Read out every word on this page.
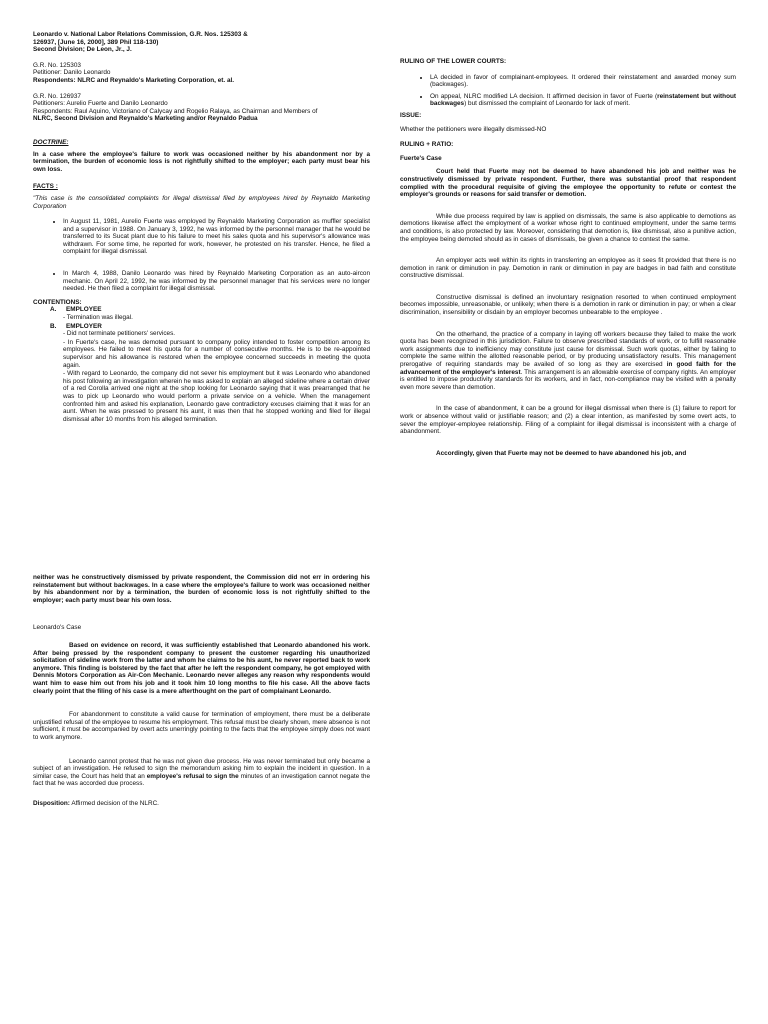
Leonardo v. National Labor Relations Commission, G.R. Nos. 125303 &
126937, [June 16, 2000], 389 Phil 118-130)
Second Division; De Leon, Jr., J.
G.R. No. 125303
Petitioner: Danilo Leonardo
Respondents: NLRC and Reynaldo's Marketing Corporation, et. al.
G.R. No. 126937
Petitioners: Aurelio Fuerte and Danilo Leonardo
Respondents: Raul Aquino, Victoriano of Calycay and Rogelio Ralaya, as Chairman and Members of
NLRC, Second Division and Reynaldo's Marketing and/or Reynaldo Padua
DOCTRINE:

In a case where the employee's failure to work was occasioned neither by his abandonment nor by a termination, the burden of economic loss is not rightfully shifted to the employer; each party must bear his own loss.

FACTS :

"This case is the consolidated complaints for illegal dismissal filed by employees hired by Reynaldo Marketing Corporation

• In August 11, 1981, Aurelio Fuerte was employed by Reynaldo Marketing Corporation as muffler specialist and a supervisor in 1988. On January 3, 1992, he was informed by the personnel manager that he would be transferred to its Sucat plant due to his failure to meet his sales quota and his supervisor's allowance was withdrawn. For some time, he reported for work, however, he protested on his transfer. Hence, he filed a complaint for illegal dismissal.
• In March 4, 1988, Danilo Leonardo was hired by Reynaldo Marketing Corporation as an auto-aircon mechanic. On April 22, 1992, he was informed by the personnel manager that his services were no longer needed. He then filed a complaint for illegal dismissal.
CONTENTIONS:
A. EMPLOYEE
- Termination was illegal.
B. EMPLOYER
- Did not terminate petitioners' services.
- In Fuerte's case, he was demoted pursuant to company policy intended to foster competition among its employees. He failed to meet his quota for a number of consecutive months. He is to be re-appointed supervisor and his allowance is restored when the employee concerned succeeds in meeting the quota again.
- With regard to Leonardo, the company did not sever his employment but it was Leonardo who abandoned his post following an investigation wherein he was asked to explain an alleged sideline where a certain driver of a red Corolla arrived one night at the shop looking for Leonardo saying that it was prearranged that he was to pick up Leonardo who would perform a private service on a vehicle. When the management confronted him and asked his explanation, Leonardo gave contradictory excuses claiming that it was for an aunt. When he was pressed to present his aunt, it was then that he stopped working and filed for illegal dismissal after 10 months from his alleged termination.
RULING OF THE LOWER COURTS:
• LA decided in favor of complainant-employees. It ordered their reinstatement and awarded money sum (backwages).
• On appeal, NLRC modified LA decision. It affirmed decision in favor of Fuerte (reinstatement but without backwages) but dismissed the complaint of Leonardo for lack of merit.
ISSUE:

Whether the petitioners were illegally dismissed-NO

RULING + RATIO:
Fuerte's Case

Court held that Fuerte may not be deemed to have abandoned his job and neither was he constructively dismissed by private respondent. Further, there was substantial proof that respondent complied with the procedural requisite of giving the employee the opportunity to refute or contest the employer's grounds or reasons for said transfer or demotion.

While due process required by law is applied on dismissals, the same is also applicable to demotions as demotions likewise affect the employment of a worker whose right to continued employment, under the same terms and conditions, is also protected by law. Moreover, considering that demotion is, like dismissal, also a punitive action, the employee being demoted should as in cases of dismissals, be given a chance to contest the same.

An employer acts well within its rights in transferring an employee as it sees fit provided that there is no demotion in rank or diminution in pay. Demotion in rank or diminution in pay are badges in bad faith and constitute constructive dismissal.

Constructive dismissal is defined an involuntary resignation resorted to when continued employment becomes impossible, unreasonable, or unlikely; when there is a demotion in rank or diminution in pay; or when a clear discrimination, insensibility or disdain by an employer becomes unbearable to the employee .

On the otherhand, the practice of a company in laying off workers because they failed to make the work quota has been recognized in this jurisdiction. Failure to observe prescribed standards of work, or to fulfill reasonable work assignments due to inefficiency may constitute just cause for dismissal. Such work quotas, either by failing to complete the same within the allotted reasonable period, or by producing unsatisfactory results. This management prerogative of requiring standards may be availed of so long as they are exercised in good faith for the advancement of the employer's interest. This arrangement is an allowable exercise of company rights. An employer is entitled to impose productivity standards for its workers, and in fact, non-compliance may be visited with a penalty even more severe than demotion.

In the case of abandonment, it can be a ground for illegal dismissal when there is (1) failure to report for work or absence without valid or justifiable reason; and (2) a clear intention, as manifested by some overt acts, to sever the employer-employee relationship. Filing of a complaint for illegal dismissal is inconsistent with a charge of abandonment.

Accordingly, given that Fuerte may not be deemed to have abandoned his job, and

neither was he constructively dismissed by private respondent, the Commission did not err in ordering his reinstatement but without backwages. In a case where the employee's failure to work was occasioned neither by his abandonment nor by a termination, the burden of economic loss is not rightfully shifted to the employer; each party must bear his own loss.

Leonardo's Case

Based on evidence on record, it was sufficiently established that Leonardo abandoned his work. After being pressed by the respondent company to present the customer regarding his unauthorized solicitation of sideline work from the latter and whom he claims to be his aunt, he never reported back to work anymore. This finding is bolstered by the fact that after he left the respondent company, he got employed with Dennis Motors Corporation as Air-Con Mechanic. Leonardo never alleges any reason why respondents would want him to ease him out from his job and it took him 10 long months to file his case. All the above facts clearly point that the filing of his case is a mere afterthought on the part of complainant Leonardo.

For abandonment to constitute a valid cause for termination of employment, there must be a deliberate unjustified refusal of the employee to resume his employment. This refusal must be clearly shown, mere absence is not sufficient, it must be accompanied by overt acts unerringly pointing to the facts that the employee simply does not want to work anymore.

Leonardo cannot protest that he was not given due process. He was never terminated but only became a subject of an investigation. He refused to sign the memorandum asking him to explain the incident in question. In a similar case, the Court has held that an employee's refusal to sign the minutes of an investigation cannot negate the fact that he was accorded due process.

Disposition: Affirmed decision of the NLRC.
